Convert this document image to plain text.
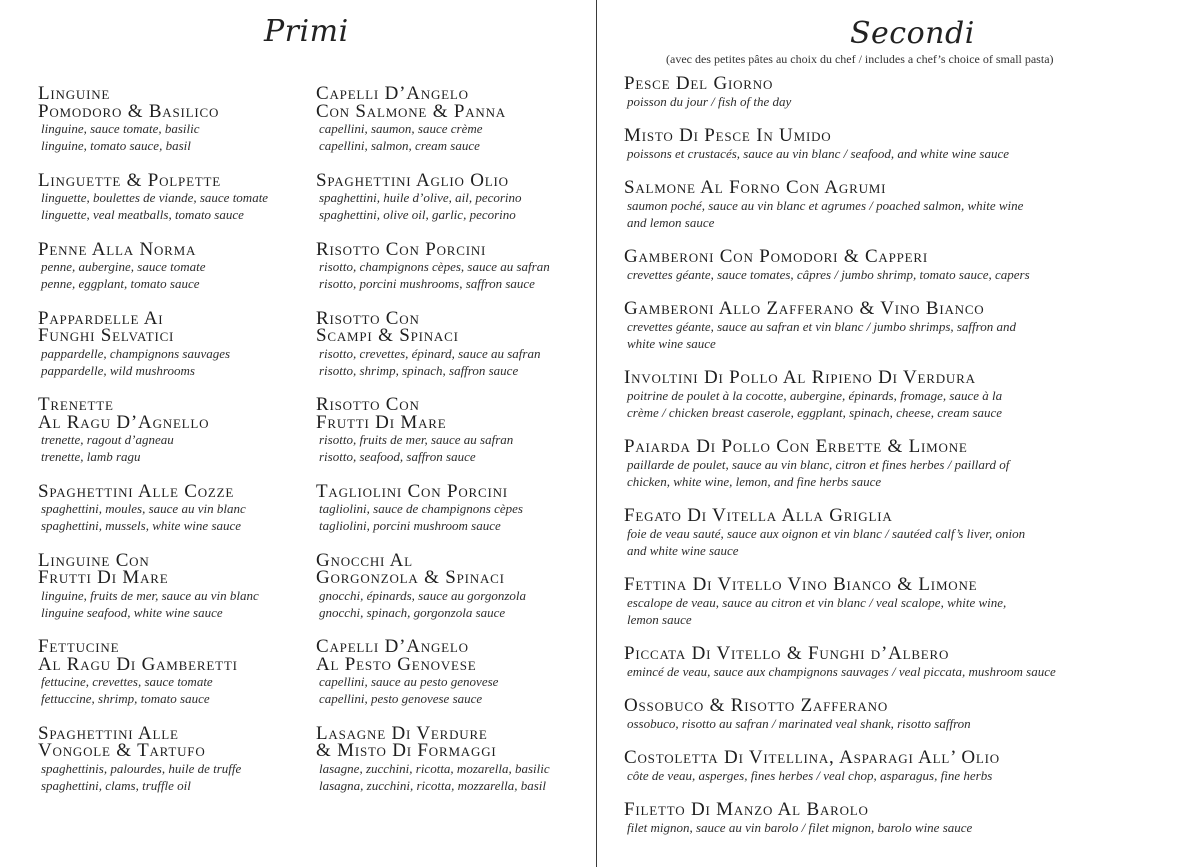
Primi	Secondi
(avec des petites pâtes au choix du chef / includes a chef’s choice of small pasta)
Linguine
Pomodoro & Basilico
linguine, sauce tomate, basilic
linguine, tomato sauce, basil
Linguette & Polpette
linguette, boulettes de viande, sauce tomate
linguette, veal meatballs, tomato sauce
Penne Alla Norma
penne, aubergine, sauce tomate
penne, eggplant, tomato sauce
Pappardelle Ai
Funghi Selvatici
pappardelle, champignons sauvages
pappardelle, wild mushrooms
Trenette
Al Ragu D’Agnello
trenette, ragout d’agneau
trenette, lamb ragu
Spaghettini Alle Cozze
spaghettini, moules, sauce au vin blanc
spaghettini, mussels, white wine sauce
Linguine Con
Frutti Di Mare
linguine, fruits de mer, sauce au vin blanc
linguine seafood, white wine sauce
Fettucine
Al Ragu Di Gamberetti
fettucine, crevettes, sauce tomate
fettuccine, shrimp, tomato sauce
Spaghettini Alle
Vongole & Tartufo
spaghettinis, palourdes, huile de truffe
spaghettini, clams, truffle oil
Capelli D’Angelo
Con Salmone & Panna
capellini, saumon, sauce crème
capellini, salmon, cream sauce
Spaghettini Aglio Olio
spaghettini, huile d’olive, ail, pecorino
spaghettini, olive oil, garlic, pecorino
Risotto Con Porcini
risotto, champignons cèpes, sauce au safran
risotto, porcini mushrooms, saffron sauce
Risotto Con
Scampi & Spinaci
risotto, crevettes, épinard, sauce au safran
risotto, shrimp, spinach, saffron sauce
Risotto Con
Frutti Di Mare
risotto, fruits de mer, sauce au safran
risotto, seafood, saffron sauce
Tagliolini Con Porcini
tagliolini, sauce de champignons cèpes
tagliolini, porcini mushroom sauce
Gnocchi Al
Gorgonzola & Spinaci
gnocchi, épinards, sauce au gorgonzola
gnocchi, spinach, gorgonzola sauce
Capelli D’Angelo
Al Pesto Genovese
capellini, sauce au pesto genovese
capellini, pesto genovese sauce
Lasagne Di Verdure
& Misto Di Formaggi
lasagne, zucchini, ricotta, mozarella, basilic
lasagna, zucchini, ricotta, mozzarella, basil
Pesce Del Giorno
poisson du jour / fish of the day
Misto Di Pesce In Umido
poissons et crustacés, sauce au vin blanc / seafood, and white wine sauce
Salmone Al Forno Con Agrumi
saumon poché, sauce au vin blanc et agrumes / poached salmon, white wine
and lemon sauce
Gamberoni Con Pomodori & Capperi
crevettes géante, sauce tomates, câpres / jumbo shrimp, tomato sauce, capers
Gamberoni Allo Zafferano & Vino Bianco
crevettes géante, sauce au safran et vin blanc / jumbo shrimps, saffron and
white wine sauce
Involtini Di Pollo Al Ripieno Di Verdura
poitrine de poulet à la cocotte, aubergine, épinards, fromage, sauce à la
crème / chicken breast caserole, eggplant, spinach, cheese, cream sauce
Paiarda Di Pollo Con Erbette & Limone
paillarde de poulet, sauce au vin blanc, citron et fines herbes / paillard of
chicken, white wine, lemon, and fine herbs sauce
Fegato Di Vitella Alla Griglia
foie de veau sauté, sauce aux oignon et vin blanc / sautéed calf’s liver, onion
and white wine sauce
Fettina Di Vitello Vino Bianco & Limone
escalope de veau, sauce au citron et vin blanc / veal scalope, white wine,
lemon sauce
Piccata Di Vitello & Funghi d’Albero
emincé de veau, sauce aux champignons sauvages / veal piccata, mushroom sauce
Ossobuco & Risotto Zafferano
ossobuco, risotto au safran / marinated veal shank, risotto saffron
Costoletta Di Vitellina, Asparagi All’ Olio
côte de veau, asperges, fines herbes / veal chop, asparagus, fine herbs
Filetto Di Manzo Al Barolo
filet mignon, sauce au vin barolo / filet mignon, barolo wine sauce
